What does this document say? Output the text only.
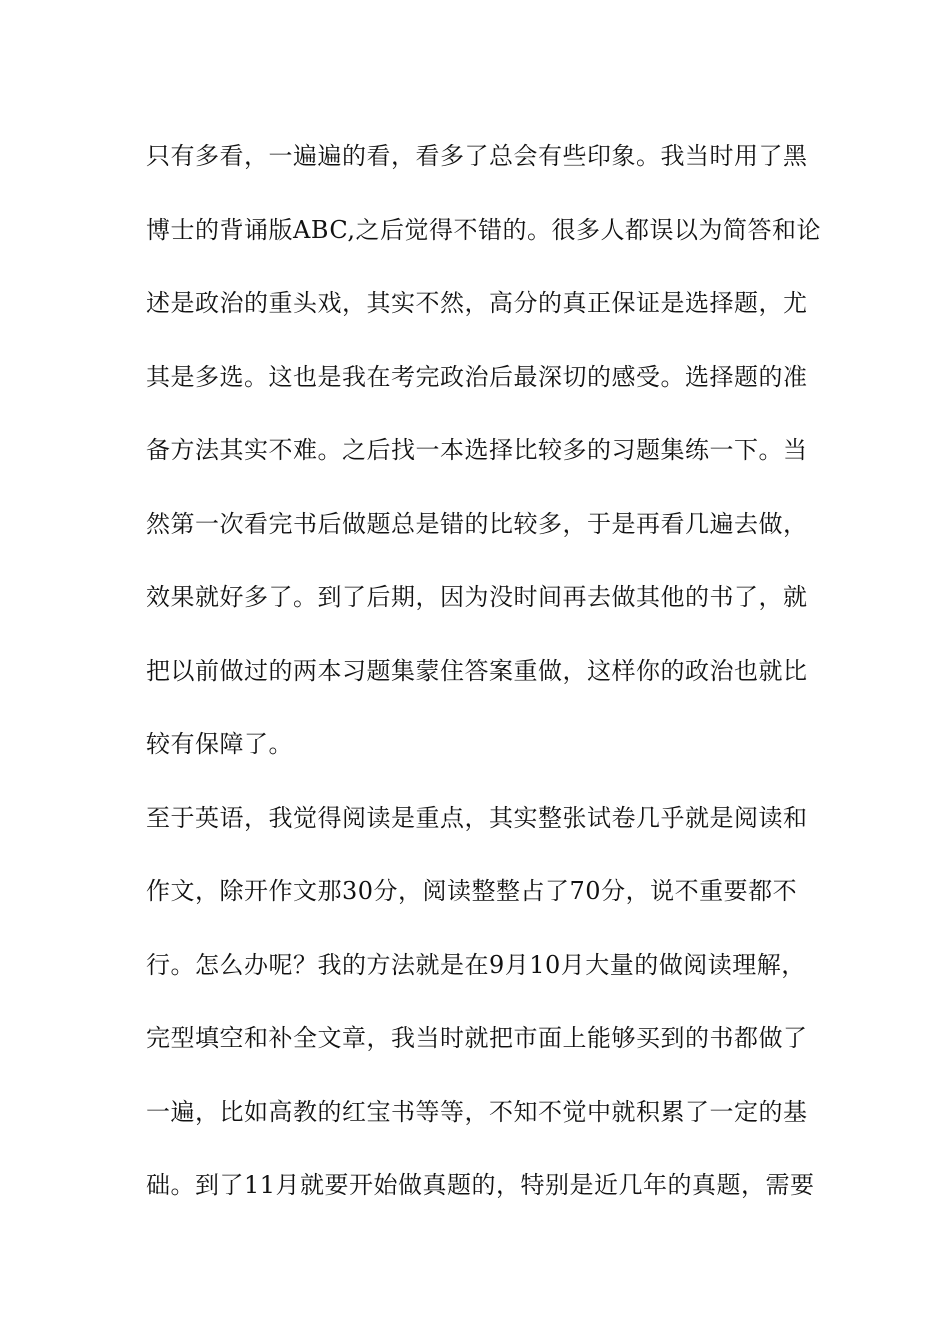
只有多看，一遍遍的看，看多了总会有些印象。我当时用了黑
博士的背诵版ABC,之后觉得不错的。很多人都误以为简答和论
述是政治的重头戏，其实不然，高分的真正保证是选择题，尤
其是多选。这也是我在考完政治后最深切的感受。选择题的准
备方法其实不难。之后找一本选择比较多的习题集练一下。当
然第一次看完书后做题总是错的比较多，于是再看几遍去做，
效果就好多了。到了后期，因为没时间再去做其他的书了，就
把以前做过的两本习题集蒙住答案重做，这样你的政治也就比
较有保障了。
至于英语，我觉得阅读是重点，其实整张试卷几乎就是阅读和
作文，除开作文那30分，阅读整整占了70分，说不重要都不
行。怎么办呢？我的方法就是在9月10月大量的做阅读理解，
完型填空和补全文章，我当时就把市面上能够买到的书都做了
一遍，比如高教的红宝书等等，不知不觉中就积累了一定的基
础。到了11月就要开始做真题的，特别是近几年的真题，需要
